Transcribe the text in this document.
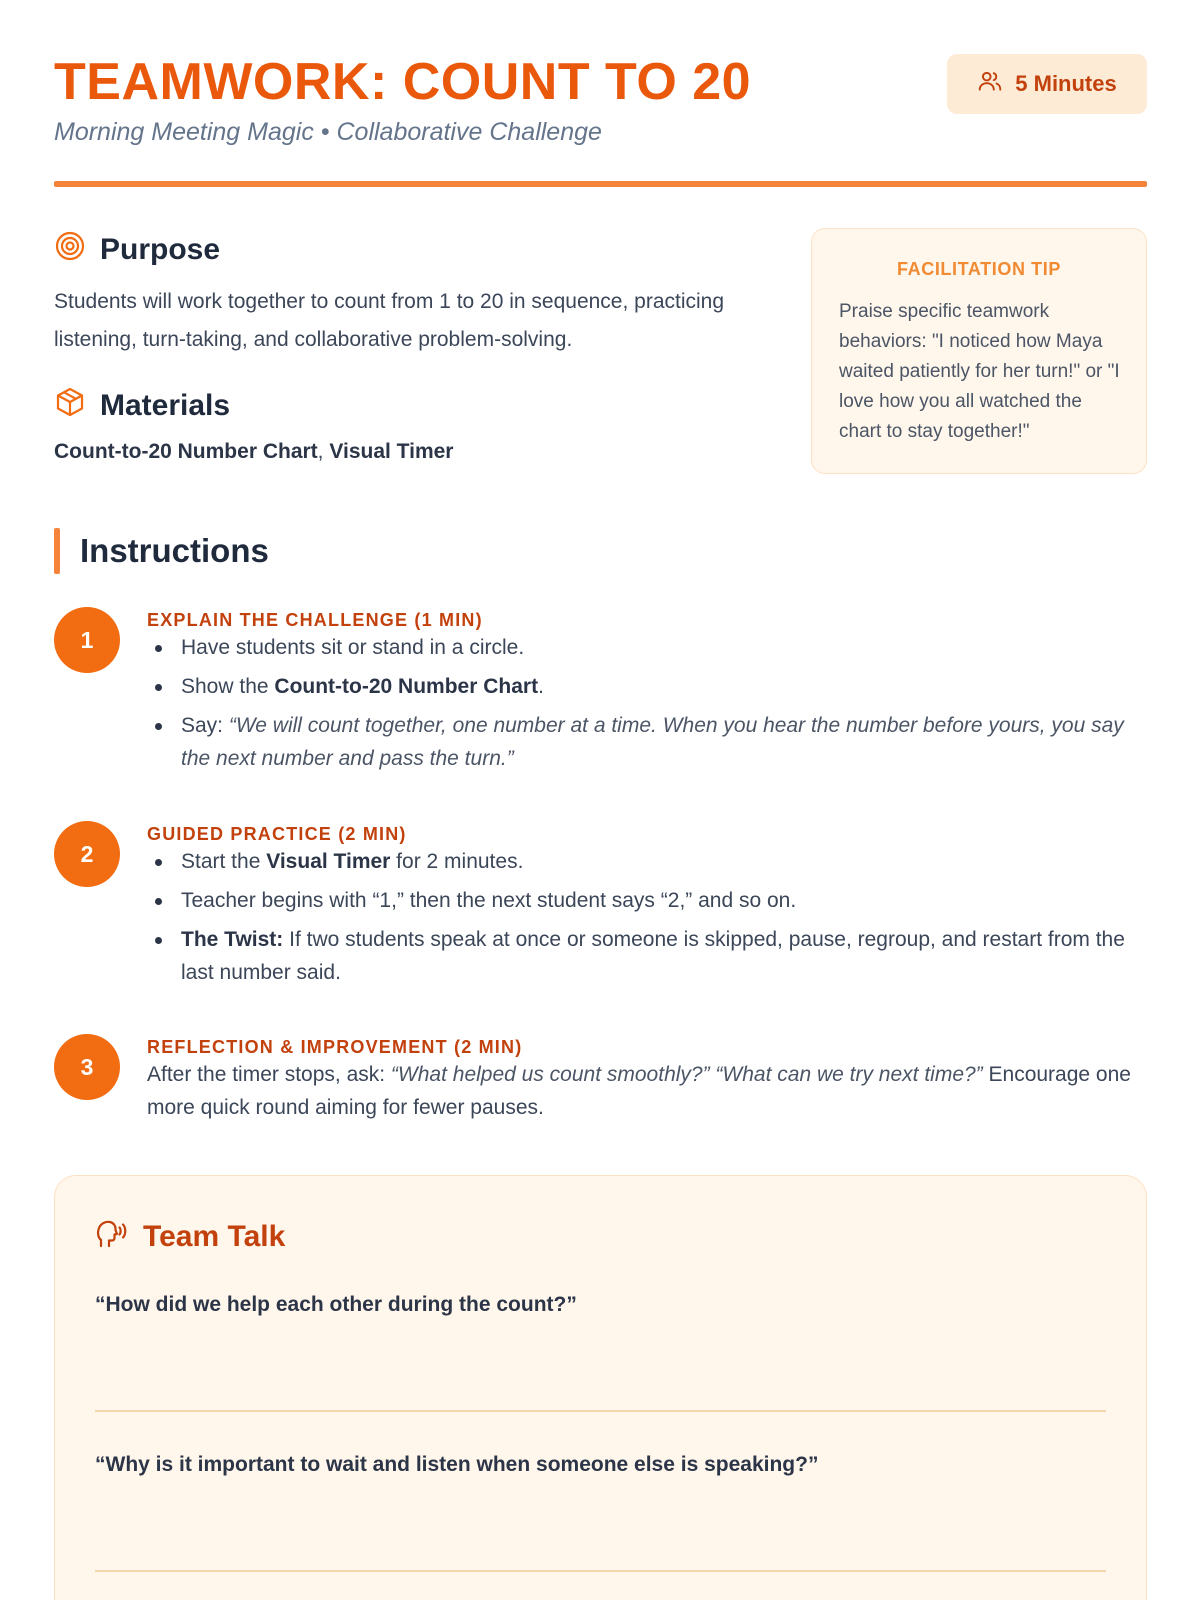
TEAMWORK: COUNT TO 20
Morning Meeting Magic • Collaborative Challenge
5 Minutes
Purpose

Students will work together to count from 1 to 20 in sequence, practicing listening, turn-taking, and collaborative problem-solving.

Materials
Count-to-20 Number Chart, Visual Timer
FACILITATION TIP

Praise specific teamwork behaviors: "I noticed how Maya waited patiently for her turn!" or "I love how you all watched the chart to stay together!"

Instructions
1
EXPLAIN THE CHALLENGE (1 MIN)
Have students sit or stand in a circle.
Show the Count-to-20 Number Chart.
Say: “We will count together, one number at a time. When you hear the number before yours, you say the next number and pass the turn.”
2
GUIDED PRACTICE (2 MIN)
Start the Visual Timer for 2 minutes.
Teacher begins with “1,” then the next student says “2,” and so on.
The Twist: If two students speak at once or someone is skipped, pause, regroup, and restart from the last number said.
3
REFLECTION & IMPROVEMENT (2 MIN)

After the timer stops, ask: “What helped us count smoothly?” “What can we try next time?” Encourage one more quick round aiming for fewer pauses.

Team Talk
“How did we help each other during the count?”
“Why is it important to wait and listen when someone else is speaking?”
